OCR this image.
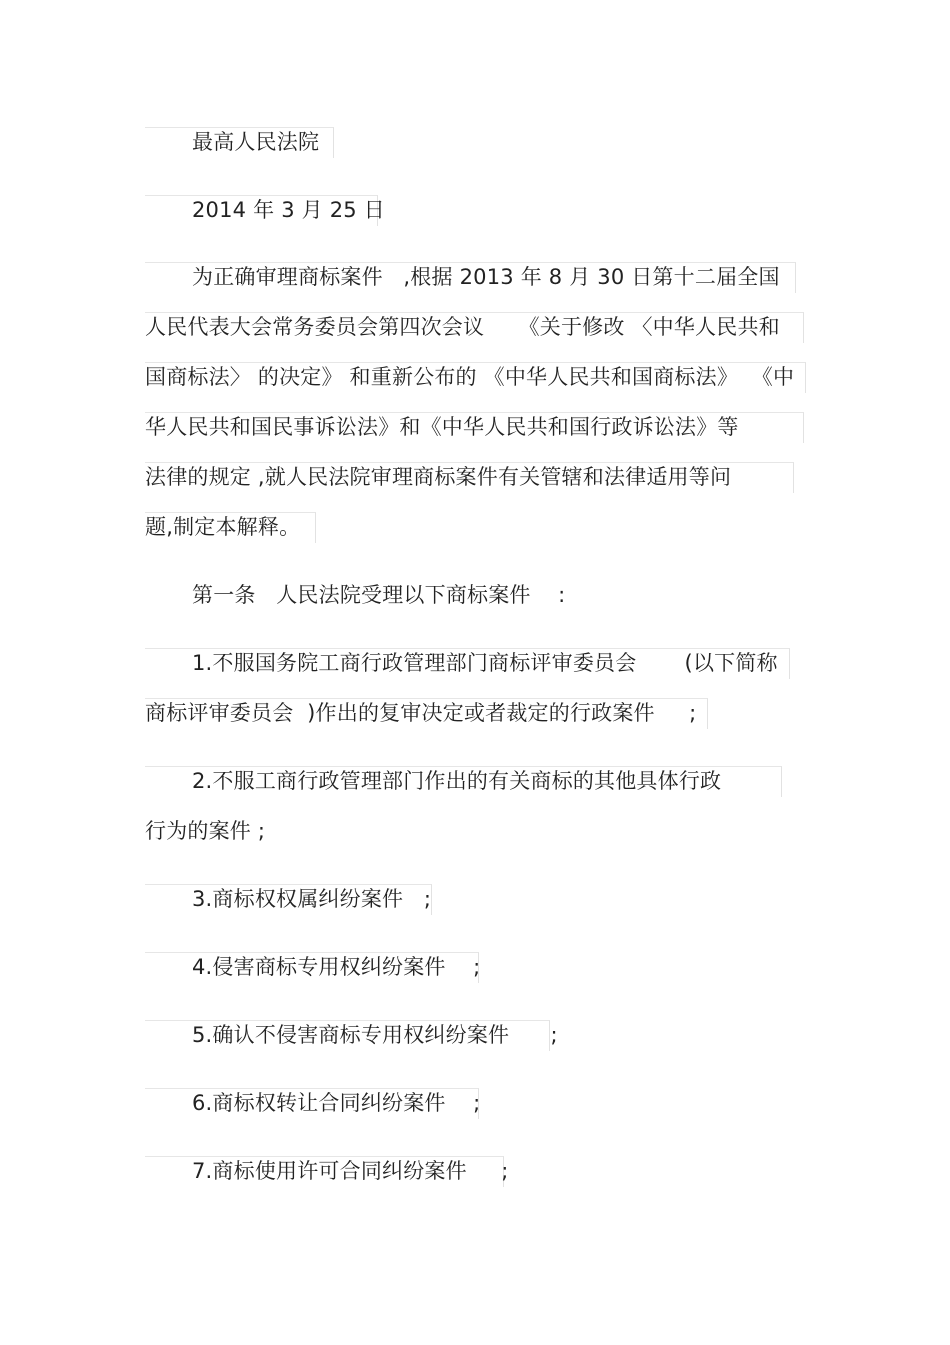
最高人民法院
2014 年 3 月 25 日
为正确审理商标案件   ,根据 2013 年 8 月 30 日第十二届全国
人民代表大会常务委员会第四次会议     《关于修改 〈中华人民共和
国商标法〉 的决定》 和重新公布的 《中华人民共和国商标法》  《中
华人民共和国民事诉讼法》和《中华人民共和国行政诉讼法》等
法律的规定 ,就人民法院审理商标案件有关管辖和法律适用等问
题,制定本解释。
第一条   人民法院受理以下商标案件    :
1.不服国务院工商行政管理部门商标评审委员会       (以下简称
商标评审委员会  )作出的复审决定或者裁定的行政案件     ;
2.不服工商行政管理部门作出的有关商标的其他具体行政
行为的案件 ;
3.商标权权属纠纷案件   ;
4.侵害商标专用权纠纷案件    ;
5.确认不侵害商标专用权纠纷案件      ;
6.商标权转让合同纠纷案件    ;
7.商标使用许可合同纠纷案件     ;
